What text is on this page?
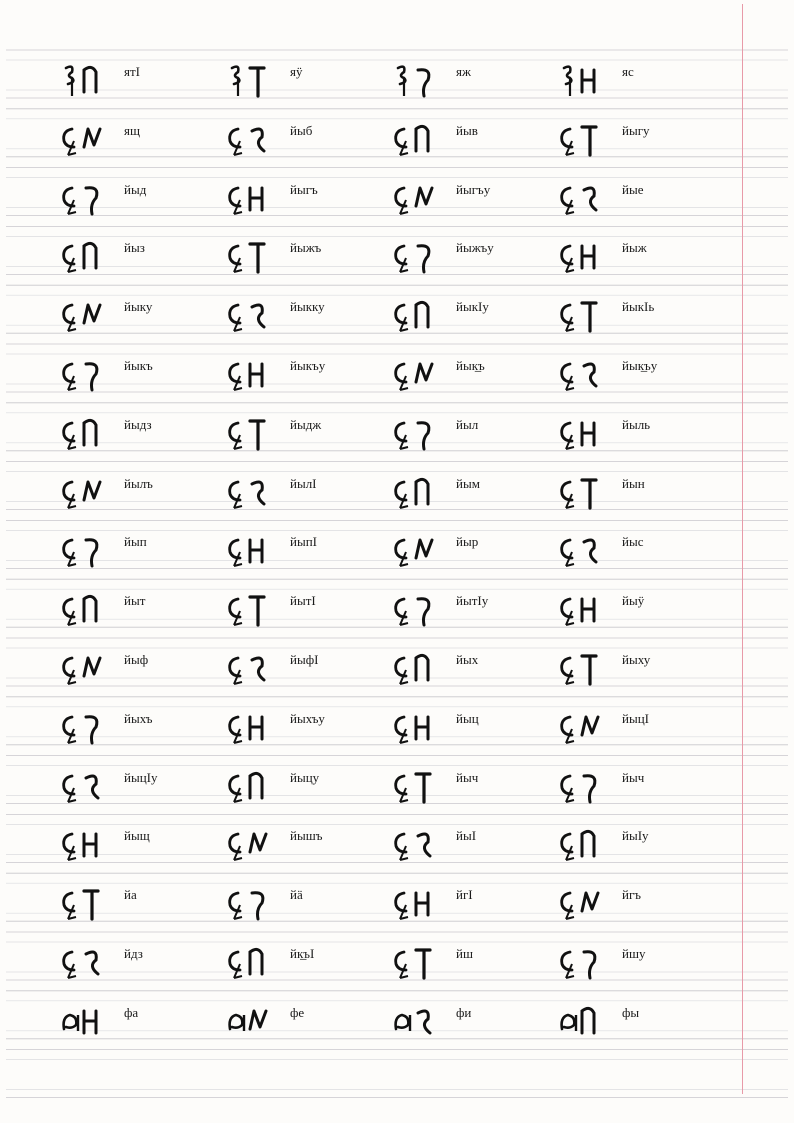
ятI	яӱ	яж	яс
ящ	йыб	йыв	йыгу
йыд	йыгъ	йыгъу	йые
йыз	йыжъ	йыжъу	йыж
йыку	йыкку	йыкIу	йыкIь
йыкъ	йыкъу	йык̲ъ	йык̲ъу
йыдз	йыдж	йыл	йыль
йылъ	йылI	йым	йын
йып	йыпI	йыр	йыс
йыт	йытI	йытIу	йыӱ
йыф	йыфI	йых	йыху
йыхъ	йыхъу	йыц	йыцI
йыцIу	йыцу	йыч	йыч
йыщ	йышъ	йыI	йыIу
йа	йä	йгI	йгъ
йдз	йк̲ъI	йш	йшу
фа	фе	фи	фы
